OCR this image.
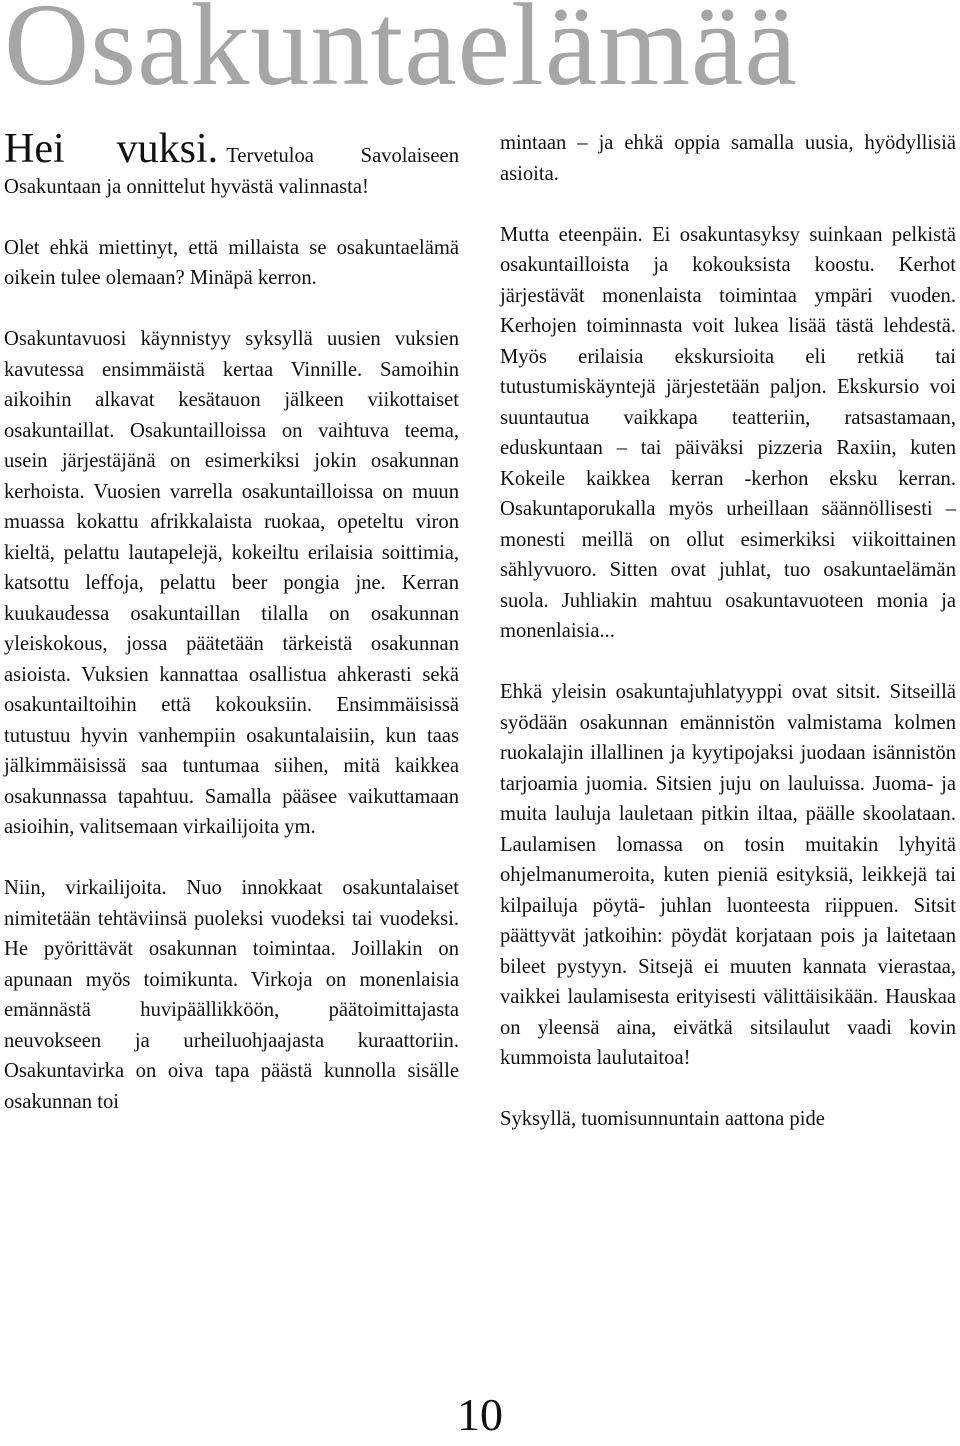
Osakuntaelämää

Hei vuksi. Tervetuloa Savolaiseen Osakuntaan ja onnittelut hyvästä valinnasta!

Olet ehkä miettinyt, että millaista se osakuntaelämä oikein tulee olemaan? Minäpä kerron.

Osakuntavuosi käynnistyy syksyllä uusien vuksien kavutessa ensimmäistä kertaa Vinnille. Samoihin aikoihin alkavat kesätauon jälkeen viikottaiset osakuntaillat. Osakuntailloissa on vaihtuva teema, usein järjestäjänä on esimerkiksi jokin osakunnan kerhoista. Vuosien varrella osakuntailloissa on muun muassa kokattu afrikkalaista ruokaa, opeteltu viron kieltä, pelattu lautapelejä, kokeiltu erilaisia soittimia, katsottu leffoja, pelattu beer pongia jne. Kerran kuukaudessa osakuntaillan tilalla on osakunnan yleiskokous, jossa päätetään tärkeistä osakunnan asioista. Vuksien kannattaa osallistua ahkerasti sekä osakuntailtoihin että kokouksiin. Ensimmäisissä tutustuu hyvin vanhempiin osakuntalaisiin, kun taas jälkimmäisissä saa tuntumaa siihen, mitä kaikkea osakunnassa tapahtuu. Samalla pääsee vaikuttamaan asioihin, valitsemaan virkailijoita ym.

Niin, virkailijoita. Nuo innokkaat osakuntalaiset nimitetään tehtäviinsä puoleksi vuodeksi tai vuodeksi. He pyörittävät osakunnan toimintaa. Joillakin on apunaan myös toimikunta. Virkoja on monenlaisia emännästä huvipäällikköön, päätoimittajasta neuvokseen ja urheiluohjaajasta kuraattoriin. Osakuntavirka on oiva tapa päästä kunnolla sisälle osakunnan toi

mintaan – ja ehkä oppia samalla uusia, hyödyllisiä asioita.

Mutta eteenpäin. Ei osakuntasyksy suinkaan pelkistä osakuntailloista ja kokouksista koostu. Kerhot järjestävät monenlaista toimintaa ympäri vuoden. Kerhojen toiminnasta voit lukea lisää tästä lehdestä. Myös erilaisia ekskursioita eli retkiä tai tutustumiskäyntejä järjestetään paljon. Ekskursio voi suuntautua vaikkapa teatteriin, ratsastamaan, eduskuntaan – tai päiväksi pizzeria Raxiin, kuten Kokeile kaikkea kerran -kerhon eksku kerran. Osakuntaporukalla myös urheillaan säännöllisesti – monesti meillä on ollut esimerkiksi viikoittainen sählyvuoro. Sitten ovat juhlat, tuo osakuntaelämän suola. Juhliakin mahtuu osakuntavuoteen monia ja monenlaisia...

Ehkä yleisin osakuntajuhlatyyppi ovat sitsit. Sitseillä syödään osakunnan emännistön valmistama kolmen ruokalajin illallinen ja kyytipojaksi juodaan isännistön tarjoamia juomia. Sitsien juju on lauluissa. Juoma- ja muita lauluja lauletaan pitkin iltaa, päälle skoolataan. Laulamisen lomassa on tosin muitakin lyhyitä ohjelmanumeroita, kuten pieniä esityksiä, leikkejä tai kilpailuja pöytä- juhlan luonteesta riippuen. Sitsit päättyvät jatkoihin: pöydät korjataan pois ja laitetaan bileet pystyyn. Sitsejä ei muuten kannata vierastaa, vaikkei laulamisesta erityisesti välittäisikään. Hauskaa on yleensä aina, eivätkä sitsilaulut vaadi kovin kummoista laulutaitoa!

Syksyllä, tuomisunnuntain aattona pide

10
